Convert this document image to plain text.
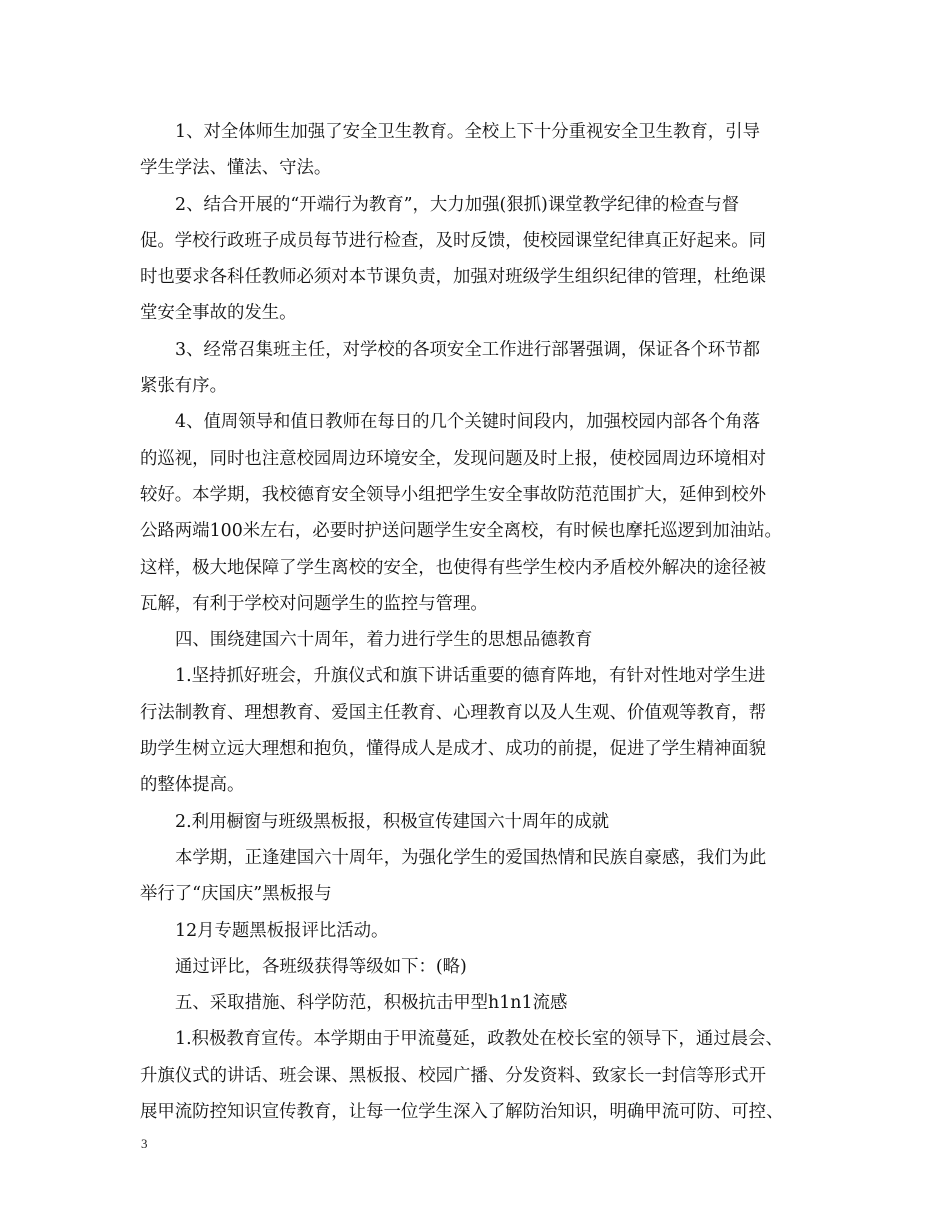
1、对全体师生加强了安全卫生教育。全校上下十分重视安全卫生教育，引导
学生学法、懂法、守法。
2、结合开展的“开端行为教育”，大力加强(狠抓)课堂教学纪律的检查与督
促。学校行政班子成员每节进行检查，及时反馈，使校园课堂纪律真正好起来。同
时也要求各科任教师必须对本节课负责，加强对班级学生组织纪律的管理，杜绝课
堂安全事故的发生。
3、经常召集班主任，对学校的各项安全工作进行部署强调，保证各个环节都
紧张有序。
4、值周领导和值日教师在每日的几个关键时间段内，加强校园内部各个角落
的巡视，同时也注意校园周边环境安全，发现问题及时上报，使校园周边环境相对
较好。本学期，我校德育安全领导小组把学生安全事故防范范围扩大，延伸到校外
公路两端100米左右，必要时护送问题学生安全离校，有时候也摩托巡逻到加油站。
这样，极大地保障了学生离校的安全，也使得有些学生校内矛盾校外解决的途径被
瓦解，有利于学校对问题学生的监控与管理。
四、围绕建国六十周年，着力进行学生的思想品德教育
1.坚持抓好班会，升旗仪式和旗下讲话重要的德育阵地，有针对性地对学生进
行法制教育、理想教育、爱国主任教育、心理教育以及人生观、价值观等教育，帮
助学生树立远大理想和抱负，懂得成人是成才、成功的前提，促进了学生精神面貌
的整体提高。
2.利用橱窗与班级黑板报，积极宣传建国六十周年的成就
本学期，正逢建国六十周年，为强化学生的爱国热情和民族自豪感，我们为此
举行了“庆国庆”黑板报与
12月专题黑板报评比活动。
通过评比，各班级获得等级如下：(略)
五、采取措施、科学防范，积极抗击甲型h1n1流感
1.积极教育宣传。本学期由于甲流蔓延，政教处在校长室的领导下，通过晨会、
升旗仪式的讲话、班会课、黑板报、校园广播、分发资料、致家长一封信等形式开
展甲流防控知识宣传教育，让每一位学生深入了解防治知识，明确甲流可防、可控、
3
